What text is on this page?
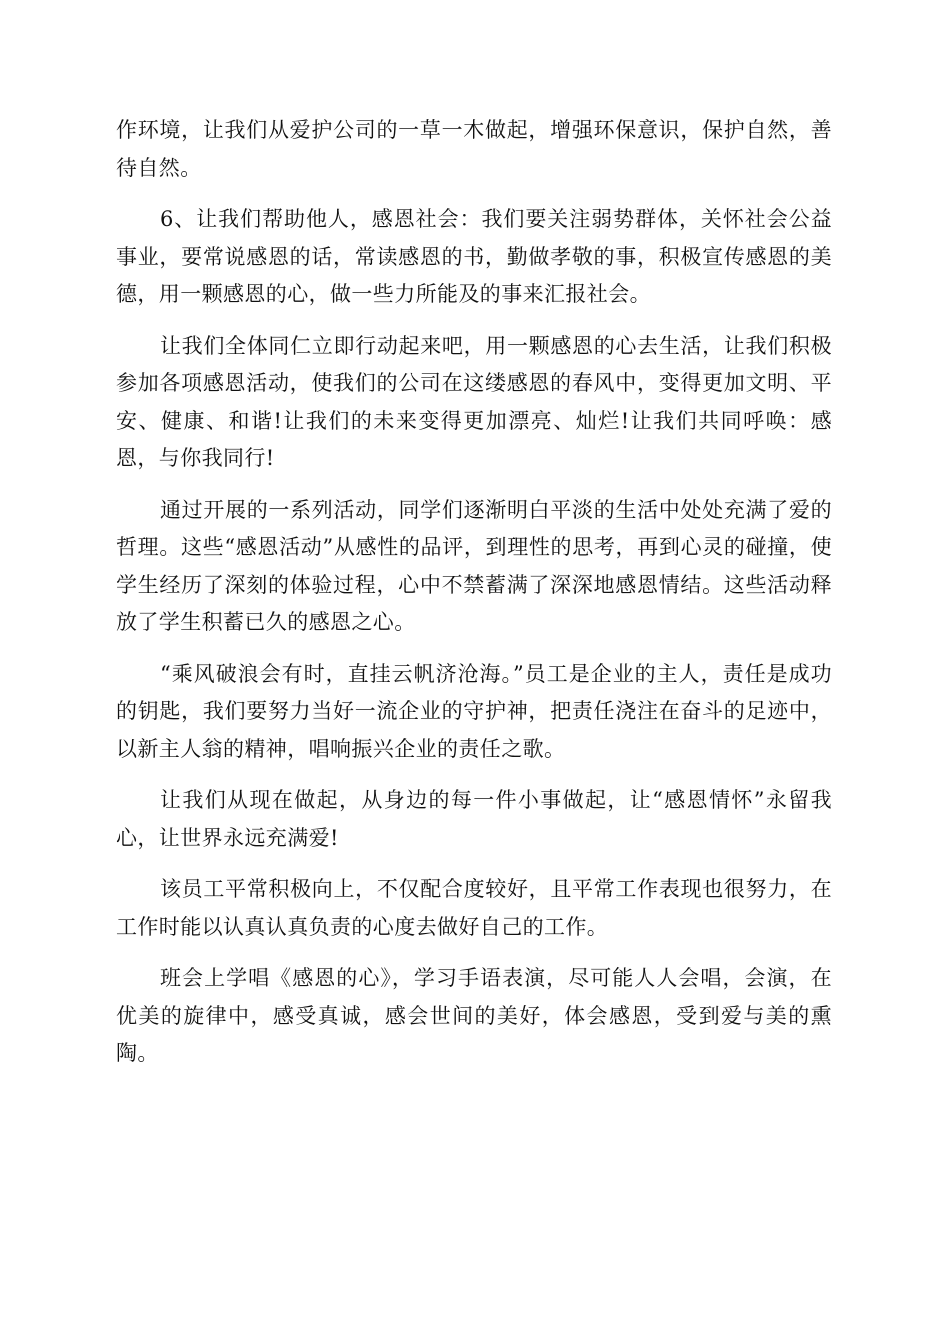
作环境，让我们从爱护公司的一草一木做起，增强环保意识，保护自然，善待自然。

6、让我们帮助他人，感恩社会：我们要关注弱势群体，关怀社会公益事业，要常说感恩的话，常读感恩的书，勤做孝敬的事，积极宣传感恩的美德，用一颗感恩的心，做一些力所能及的事来汇报社会。

让我们全体同仁立即行动起来吧，用一颗感恩的心去生活，让我们积极参加各项感恩活动，使我们的公司在这缕感恩的春风中，变得更加文明、平安、健康、和谐!让我们的未来变得更加漂亮、灿烂!让我们共同呼唤：感恩，与你我同行!

通过开展的一系列活动，同学们逐渐明白平淡的生活中处处充满了爱的哲理。这些“感恩活动”从感性的品评，到理性的思考，再到心灵的碰撞，使学生经历了深刻的体验过程，心中不禁蓄满了深深地感恩情结。这些活动释放了学生积蓄已久的感恩之心。

“乘风破浪会有时，直挂云帆济沧海。”员工是企业的主人，责任是成功的钥匙，我们要努力当好一流企业的守护神，把责任浇注在奋斗的足迹中，以新主人翁的精神，唱响振兴企业的责任之歌。

让我们从现在做起，从身边的每一件小事做起，让“感恩情怀”永留我心，让世界永远充满爱!

该员工平常积极向上，不仅配合度较好，且平常工作表现也很努力，在工作时能以认真认真负责的心度去做好自己的工作。

班会上学唱《感恩的心》，学习手语表演，尽可能人人会唱，会演，在优美的旋律中，感受真诚，感会世间的美好，体会感恩，受到爱与美的熏陶。
